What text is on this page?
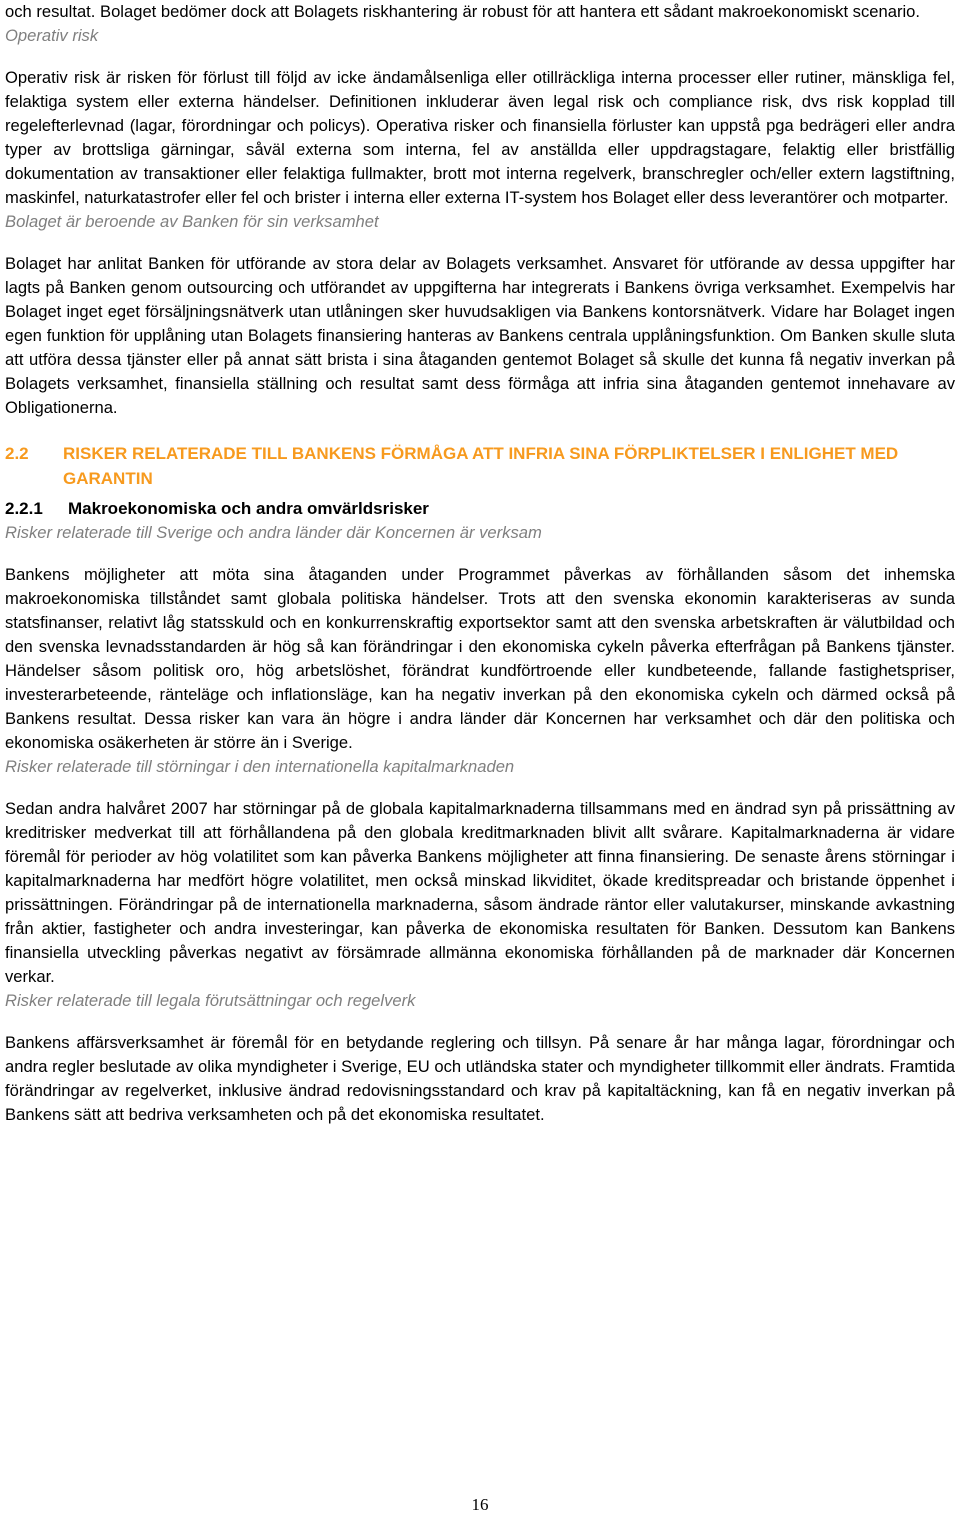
och resultat. Bolaget bedömer dock att Bolagets riskhantering är robust för att hantera ett sådant makroekonomiskt scenario.

Operativ risk

Operativ risk är risken för förlust till följd av icke ändamålsenliga eller otillräckliga interna processer eller rutiner, mänskliga fel, felaktiga system eller externa händelser. Definitionen inkluderar även legal risk och compliance risk, dvs risk kopplad till regelefterlevnad (lagar, förordningar och policys). Operativa risker och finansiella förluster kan uppstå pga bedrägeri eller andra typer av brottsliga gärningar, såväl externa som interna, fel av anställda eller uppdragstagare, felaktig eller bristfällig dokumentation av transaktioner eller felaktiga fullmakter, brott mot interna regelverk, branschregler och/eller extern lagstiftning, maskinfel, naturkatastrofer eller fel och brister i interna eller externa IT-system hos Bolaget eller dess leverantörer och motparter.

Bolaget är beroende av Banken för sin verksamhet

Bolaget har anlitat Banken för utförande av stora delar av Bolagets verksamhet. Ansvaret för utförande av dessa uppgifter har lagts på Banken genom outsourcing och utförandet av uppgifterna har integrerats i Bankens övriga verksamhet. Exempelvis har Bolaget inget eget försäljningsnätverk utan utlåningen sker huvudsakligen via Bankens kontorsnätverk. Vidare har Bolaget ingen egen funktion för upplåning utan Bolagets finansiering hanteras av Bankens centrala upplåningsfunktion. Om Banken skulle sluta att utföra dessa tjänster eller på annat sätt brista i sina åtaganden gentemot Bolaget så skulle det kunna få negativ inverkan på Bolagets verksamhet, finansiella ställning och resultat samt dess förmåga att infria sina åtaganden gentemot innehavare av Obligationerna.

2.2	RISKER RELATERADE TILL BANKENS FÖRMÅGA ATT INFRIA SINA FÖRPLIKTELSER I ENLIGHET MED GARANTIN
2.2.1	Makroekonomiska och andra omvärldsrisker

Risker relaterade till Sverige och andra länder där Koncernen är verksam

Bankens möjligheter att möta sina åtaganden under Programmet påverkas av förhållanden såsom det inhemska makroekonomiska tillståndet samt globala politiska händelser. Trots att den svenska ekonomin karakteriseras av sunda statsfinanser, relativt låg statsskuld och en konkurrenskraftig exportsektor samt att den svenska arbetskraften är välutbildad och den svenska levnadsstandarden är hög så kan förändringar i den ekonomiska cykeln påverka efterfrågan på Bankens tjänster. Händelser såsom politisk oro, hög arbetslöshet, förändrat kundförtroende eller kundbeteende, fallande fastighetspriser, investerarbeteende, ränteläge och inflationsläge, kan ha negativ inverkan på den ekonomiska cykeln och därmed också på Bankens resultat. Dessa risker kan vara än högre i andra länder där Koncernen har verksamhet och där den politiska och ekonomiska osäkerheten är större än i Sverige.

Risker relaterade till störningar i den internationella kapitalmarknaden

Sedan andra halvåret 2007 har störningar på de globala kapitalmarknaderna tillsammans med en ändrad syn på prissättning av kreditrisker medverkat till att förhållandena på den globala kreditmarknaden blivit allt svårare. Kapitalmarknaderna är vidare föremål för perioder av hög volatilitet som kan påverka Bankens möjligheter att finna finansiering. De senaste årens störningar i kapitalmarknaderna har medfört högre volatilitet, men också minskad likviditet, ökade kreditspreadar och bristande öppenhet i prissättningen. Förändringar på de internationella marknaderna, såsom ändrade räntor eller valutakurser, minskande avkastning från aktier, fastigheter och andra investeringar, kan påverka de ekonomiska resultaten för Banken. Dessutom kan Bankens finansiella utveckling påverkas negativt av försämrade allmänna ekonomiska förhållanden på de marknader där Koncernen verkar.

Risker relaterade till legala förutsättningar och regelverk

Bankens affärsverksamhet är föremål för en betydande reglering och tillsyn. På senare år har många lagar, förordningar och andra regler beslutade av olika myndigheter i Sverige, EU och utländska stater och myndigheter tillkommit eller ändrats. Framtida förändringar av regelverket, inklusive ändrad redovisningsstandard och krav på kapitaltäckning, kan få en negativ inverkan på Bankens sätt att bedriva verksamheten och på det ekonomiska resultatet.

16
